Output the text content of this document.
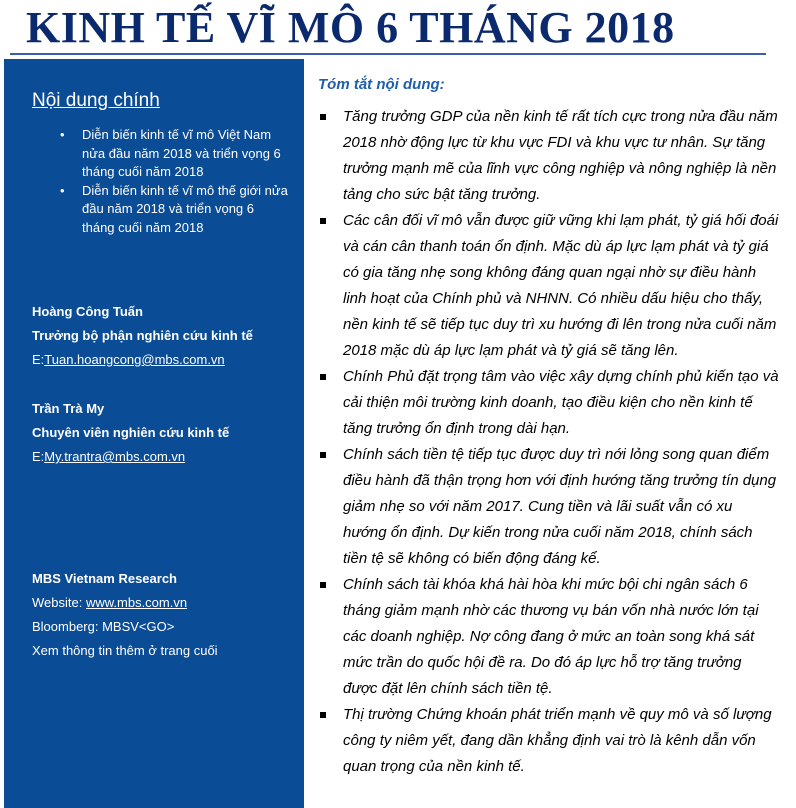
KINH TẾ VĨ MÔ 6 THÁNG 2018
Nội dung chính
• Diễn biến kinh tế vĩ mô Việt Nam nửa đầu năm 2018 và triển vọng 6 tháng cuối năm 2018
• Diễn biến kinh tế vĩ mô thế giới nửa đầu năm 2018 và triển vọng 6 tháng cuối năm 2018
Hoàng Công Tuấn
Trưởng bộ phận nghiên cứu kinh tế
E:Tuan.hoangcong@mbs.com.vn
Trần Trà My
Chuyên viên nghiên cứu kinh tế
E:My.trantra@mbs.com.vn
MBS Vietnam Research
Website: www.mbs.com.vn
Bloomberg: MBSV<GO>
Xem thông tin thêm ở trang cuối
Tóm tắt nội dung:
Tăng trưởng GDP của nền kinh tế rất tích cực trong nửa đầu năm 2018 nhờ động lực từ khu vực FDI và khu vực tư nhân. Sự tăng trưởng mạnh mẽ của lĩnh vực công nghiệp và nông nghiệp là nền tảng cho sức bật tăng trưởng.
Các cân đối vĩ mô vẫn được giữ vững khi lạm phát, tỷ giá hối đoái và cán cân thanh toán ổn định. Mặc dù áp lực lạm phát và tỷ giá có gia tăng nhẹ song không đáng quan ngại nhờ sự điều hành linh hoạt của Chính phủ và NHNN. Có nhiều dấu hiệu cho thấy, nền kinh tế sẽ tiếp tục duy trì xu hướng đi lên trong nửa cuối năm 2018 mặc dù áp lực lạm phát và tỷ giá sẽ tăng lên.
Chính Phủ đặt trọng tâm vào việc xây dựng chính phủ kiến tạo và cải thiện môi trường kinh doanh, tạo điều kiện cho nền kinh tế tăng trưởng ổn định trong dài hạn.
Chính sách tiền tệ tiếp tục được duy trì nới lỏng song quan điểm điều hành đã thận trọng hơn với định hướng tăng trưởng tín dụng giảm nhẹ so với năm 2017. Cung tiền và lãi suất vẫn có xu hướng ổn định. Dự kiến trong nửa cuối năm 2018, chính sách tiền tệ sẽ không có biến động đáng kể.
Chính sách tài khóa khá hài hòa khi mức bội chi ngân sách 6 tháng giảm mạnh nhờ các thương vụ bán vốn nhà nước lớn tại các doanh nghiệp. Nợ công đang ở mức an toàn song khá sát mức trần do quốc hội đề ra. Do đó áp lực hỗ trợ tăng trưởng được đặt lên chính sách tiền tệ.
Thị trường Chứng khoán phát triển mạnh về quy mô và số lượng công ty niêm yết, đang dần khẳng định vai trò là kênh dẫn vốn quan trọng của nền kinh tế.
